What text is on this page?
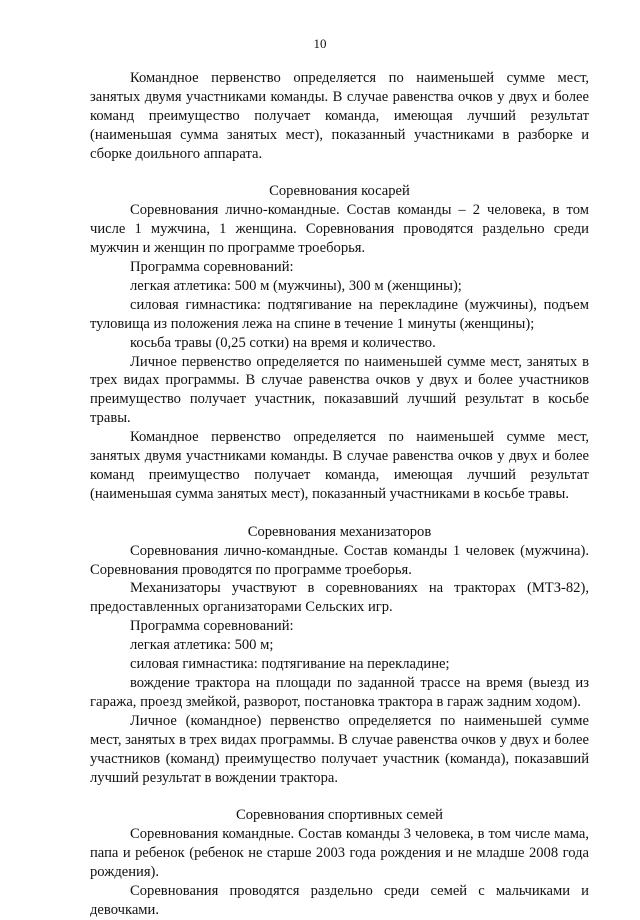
10

Командное первенство определяется по наименьшей сумме мест, занятых двумя участниками команды. В случае равенства очков у двух и более команд преимущество получает команда, имеющая лучший результат (наименьшая сумма занятых мест), показанный участниками в разборке и сборке доильного аппарата.

Соревнования косарей

Соревнования лично-командные. Состав команды – 2 человека, в том числе 1 мужчина, 1 женщина. Соревнования проводятся раздельно среди мужчин и женщин по программе троеборья.

Программа соревнований:

легкая атлетика: 500 м (мужчины), 300 м (женщины);

силовая гимнастика: подтягивание на перекладине (мужчины), подъем туловища из положения лежа на спине в течение 1 минуты (женщины);

косьба травы (0,25 сотки) на время и количество.

Личное первенство определяется по наименьшей сумме мест, занятых в трех видах программы. В случае равенства очков у двух и более участников преимущество получает участник, показавший лучший результат в косьбе травы.

Командное первенство определяется по наименьшей сумме мест, занятых двумя участниками команды. В случае равенства очков у двух и более команд преимущество получает команда, имеющая лучший результат (наименьшая сумма занятых мест), показанный участниками в косьбе травы.

Соревнования механизаторов

Соревнования лично-командные. Состав команды 1 человек (мужчина). Соревнования проводятся по программе троеборья.

Механизаторы участвуют в соревнованиях на тракторах (МТЗ-82), предоставленных организаторами Сельских игр.

Программа соревнований:

легкая атлетика: 500 м;

силовая гимнастика: подтягивание на перекладине;

вождение трактора на площади по заданной трассе на время (выезд из гаража, проезд змейкой, разворот, постановка трактора в гараж задним ходом).

Личное (командное) первенство определяется по наименьшей сумме мест, занятых в трех видах программы. В случае равенства очков у двух и более участников (команд) преимущество получает участник (команда), показавший лучший результат в вождении трактора.

Соревнования спортивных семей

Соревнования командные. Состав команды 3 человека, в том числе мама, папа и ребенок (ребенок не старше 2003 года рождения и не младше 2008 года рождения).

Соревнования проводятся раздельно среди семей с мальчиками и девочками.
